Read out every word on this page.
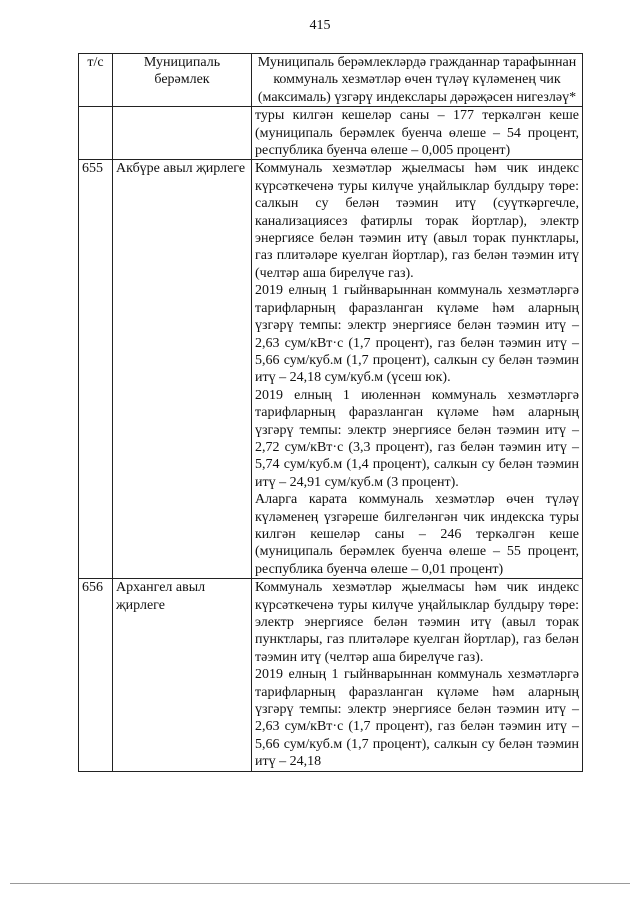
415
т/с	Муниципаль берәмлек	Муниципаль берәмлекләрдә гражданнар тарафыннан коммуналь хезмәтләр өчен түләү күләменең чик (максималь) үзгәрү индекслары дәрәҗәсен нигезләү*

		туры килгән кешеләр саны – 177 теркәлгән кеше (муниципаль берәмлек буенча өлеше – 54 процент, республика буенча өлеше – 0,005 процент)

655	Акбүре авыл җирлеге	Коммуналь хезмәтләр җыелмасы һәм чик индекс күрсәткеченә туры килүче уңайлыклар булдыру төре: салкын су белән тәэмин итү (суүткәргечле, канализациясез фатирлы торак йортлар), электр энергиясе белән тәэмин итү (авыл торак пунктлары, газ плитәләре куелган йортлар), газ белән тәэмин итү (челтәр аша бирелүче газ).

2019 елның 1 гыйнварыннан коммуналь хезмәтләргә тарифларның фаразланган күләме һәм аларның үзгәрү темпы: электр энергиясе белән тәэмин итү – 2,63 сум/кВт·с (1,7 процент), газ белән тәэмин итү – 5,66 сум/куб.м (1,7 процент), салкын су белән тәэмин итү – 24,18 сум/куб.м (үсеш юк).

2019 елның 1 июленнән коммуналь хезмәтләргә тарифларның фаразланган күләме һәм аларның үзгәрү темпы: электр энергиясе белән тәэмин итү – 2,72 сум/кВт·с (3,3 процент), газ белән тәэмин итү – 5,74 сум/куб.м (1,4 процент), салкын су белән тәэмин итү – 24,91 сум/куб.м (3 процент).

Аларга карата коммуналь хезмәтләр өчен түләү күләменең үзгәреше билгеләнгән чик индекска туры килгән кешеләр саны – 246 теркәлгән кеше (муниципаль берәмлек буенча өлеше – 55 процент, республика буенча өлеше – 0,01 процент)

656	Архангел авыл җирлеге	Коммуналь хезмәтләр җыелмасы һәм чик индекс күрсәткеченә туры килүче уңайлыклар булдыру төре: электр энергиясе белән тәэмин итү (авыл торак пунктлары, газ плитәләре куелган йортлар), газ белән тәэмин итү (челтәр аша бирелүче газ).

2019 елның 1 гыйнварыннан коммуналь хезмәтләргә тарифларның фаразланган күләме һәм аларның үзгәрү темпы: электр энергиясе белән тәэмин итү – 2,63 сум/кВт·с (1,7 процент), газ белән тәэмин итү – 5,66 сум/куб.м (1,7 процент), салкын су белән тәэмин итү – 24,18
